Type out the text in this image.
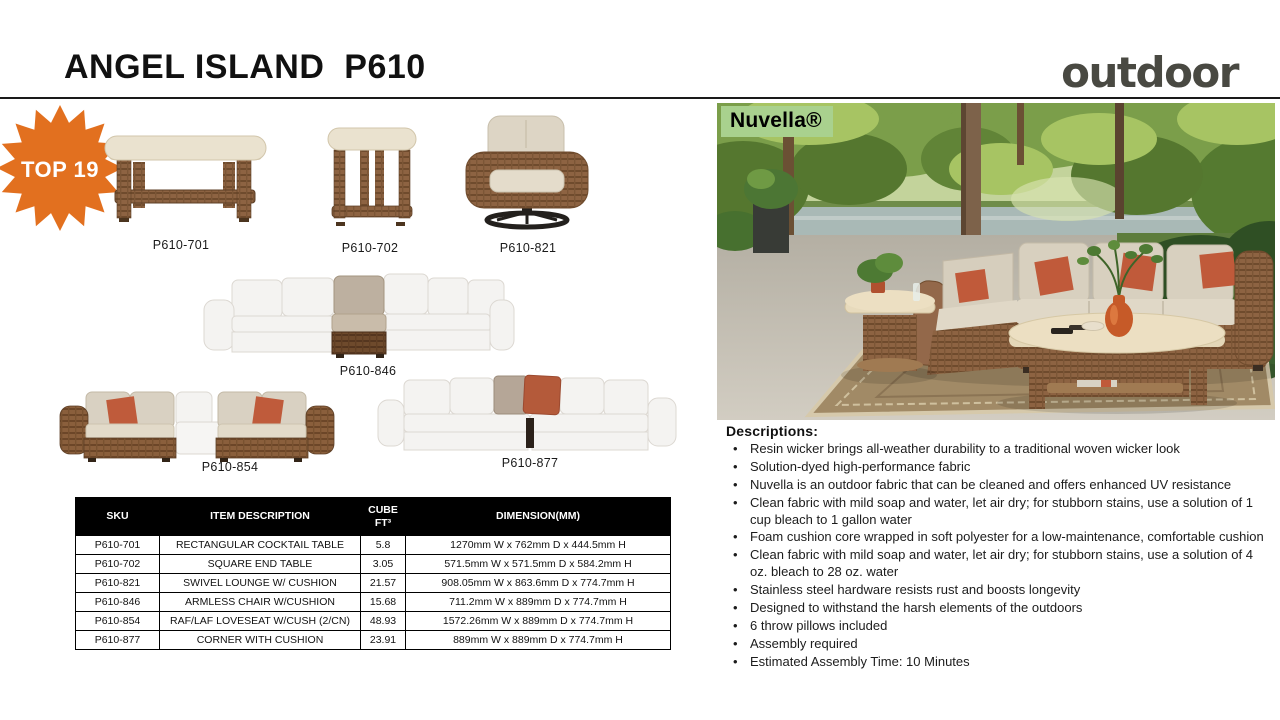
ANGEL ISLAND  P610	outdoor
TOP 19
P610-701	P610-702	P610-821
P610-846
P610-854	P610-877
SKU	ITEM DESCRIPTION	CUBE FT³	DIMENSION(MM)
P610-701	RECTANGULAR COCKTAIL TABLE	5.8	1270mm W x 762mm D x 444.5mm H
P610-702	SQUARE END TABLE	3.05	571.5mm W x 571.5mm D x 584.2mm H
P610-821	SWIVEL LOUNGE W/ CUSHION	21.57	908.05mm W x 863.6mm D x 774.7mm H
P610-846	ARMLESS CHAIR W/CUSHION	15.68	711.2mm W x 889mm D x 774.7mm H
P610-854	RAF/LAF LOVESEAT W/CUSH (2/CN)	48.93	1572.26mm W x 889mm D x 774.7mm H
P610-877	CORNER WITH CUSHION	23.91	889mm W x 889mm D x 774.7mm H
Nuvella®
Descriptions:
• Resin wicker brings all-weather durability to a traditional woven wicker look
• Solution-dyed high-performance fabric
• Nuvella is an outdoor fabric that can be cleaned and offers enhanced UV resistance
• Clean fabric with mild soap and water, let air dry; for stubborn stains, use a solution of 1 cup bleach to 1 gallon water
• Foam cushion core wrapped in soft polyester for a low-maintenance, comfortable cushion
• Clean fabric with mild soap and water, let air dry; for stubborn stains, use a solution of 4 oz. bleach to 28 oz. water
• Stainless steel hardware resists rust and boosts longevity
• Designed to withstand the harsh elements of the outdoors
• 6 throw pillows included
• Assembly required
• Estimated Assembly Time: 10 Minutes
